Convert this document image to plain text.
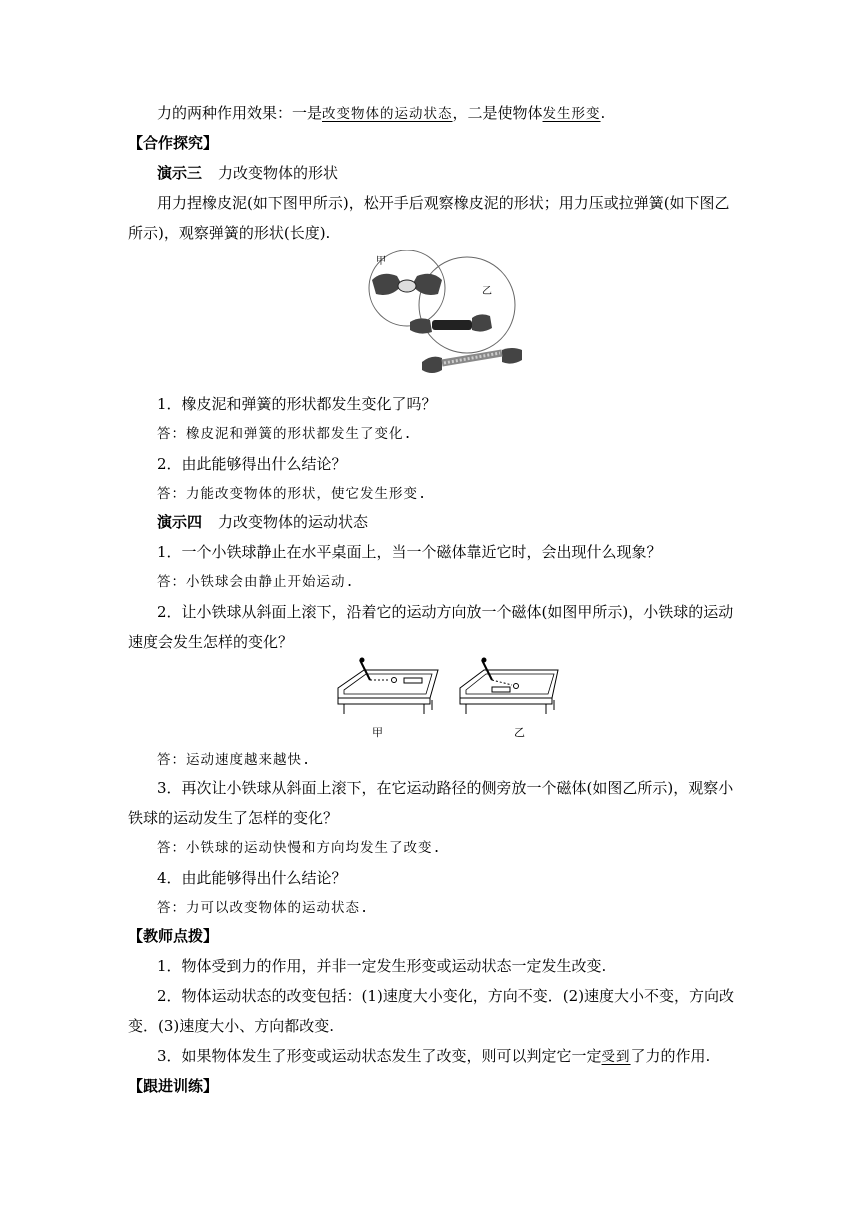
力的两种作用效果：一是改变物体的运动状态，二是使物体发生形变.
【合作探究】
演示三 力改变物体的形状
用力捏橡皮泥(如下图甲所示)，松开手后观察橡皮泥的形状；用力压或拉弹簧(如下图乙
所示)，观察弹簧的形状(长度).
甲
乙
1．橡皮泥和弹簧的形状都发生变化了吗？
答：橡皮泥和弹簧的形状都发生了变化.
2．由此能够得出什么结论？
答：力能改变物体的形状，使它发生形变.
演示四 力改变物体的运动状态
1．一个小铁球静止在水平桌面上，当一个磁体靠近它时，会出现什么现象？
答：小铁球会由静止开始运动.
2．让小铁球从斜面上滚下，沿着它的运动方向放一个磁体(如图甲所示)，小铁球的运动
速度会发生怎样的变化？
甲	乙
答：运动速度越来越快.
3．再次让小铁球从斜面上滚下，在它运动路径的侧旁放一个磁体(如图乙所示)，观察小
铁球的运动发生了怎样的变化？
答：小铁球的运动快慢和方向均发生了改变.
4．由此能够得出什么结论？
答：力可以改变物体的运动状态.
【教师点拨】
1．物体受到力的作用，并非一定发生形变或运动状态一定发生改变.
2．物体运动状态的改变包括：(1)速度大小变化，方向不变．(2)速度大小不变，方向改
变．(3)速度大小、方向都改变.
3．如果物体发生了形变或运动状态发生了改变，则可以判定它一定受到了力的作用.
【跟进训练】
